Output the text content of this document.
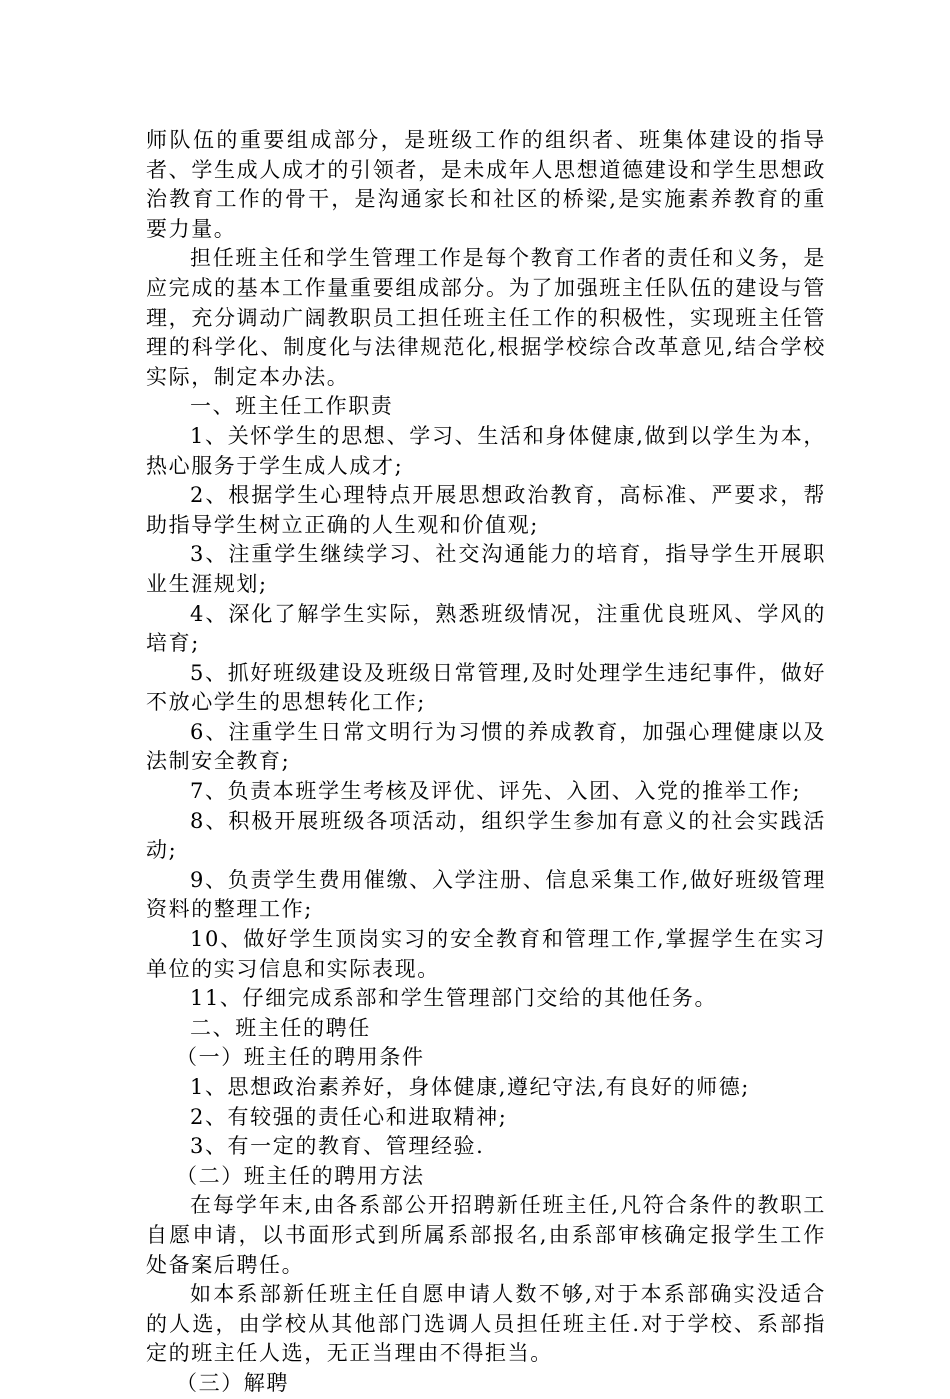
师队伍的重要组成部分，是班级工作的组织者、班集体建设的指导者、学生成人成才的引领者，是未成年人思想道德建设和学生思想政治教育工作的骨干，是沟通家长和社区的桥梁,是实施素养教育的重要力量。

担任班主任和学生管理工作是每个教育工作者的责任和义务，是应完成的基本工作量重要组成部分。为了加强班主任队伍的建设与管理，充分调动广阔教职员工担任班主任工作的积极性，实现班主任管理的科学化、制度化与法律规范化,根据学校综合改革意见,结合学校实际，制定本办法。

一、班主任工作职责

1、关怀学生的思想、学习、生活和身体健康,做到以学生为本，热心服务于学生成人成才;

2、根据学生心理特点开展思想政治教育，高标准、严要求，帮助指导学生树立正确的人生观和价值观;

3、注重学生继续学习、社交沟通能力的培育，指导学生开展职业生涯规划;

4、深化了解学生实际，熟悉班级情况，注重优良班风、学风的培育;

5、抓好班级建设及班级日常管理,及时处理学生违纪事件，做好不放心学生的思想转化工作;

6、注重学生日常文明行为习惯的养成教育，加强心理健康以及法制安全教育;

7、负责本班学生考核及评优、评先、入团、入党的推举工作;

8、积极开展班级各项活动，组织学生参加有意义的社会实践活动;

9、负责学生费用催缴、入学注册、信息采集工作,做好班级管理资料的整理工作;

10、做好学生顶岗实习的安全教育和管理工作,掌握学生在实习单位的实习信息和实际表现。

11、仔细完成系部和学生管理部门交给的其他任务。

二、班主任的聘任

（一）班主任的聘用条件

1、思想政治素养好，身体健康,遵纪守法,有良好的师德;

2、有较强的责任心和进取精神;

3、有一定的教育、管理经验.

（二）班主任的聘用方法

在每学年末,由各系部公开招聘新任班主任,凡符合条件的教职工自愿申请，以书面形式到所属系部报名,由系部审核确定报学生工作处备案后聘任。

如本系部新任班主任自愿申请人数不够,对于本系部确实没适合的人选，由学校从其他部门选调人员担任班主任.对于学校、系部指定的班主任人选，无正当理由不得拒当。

（三）解聘
